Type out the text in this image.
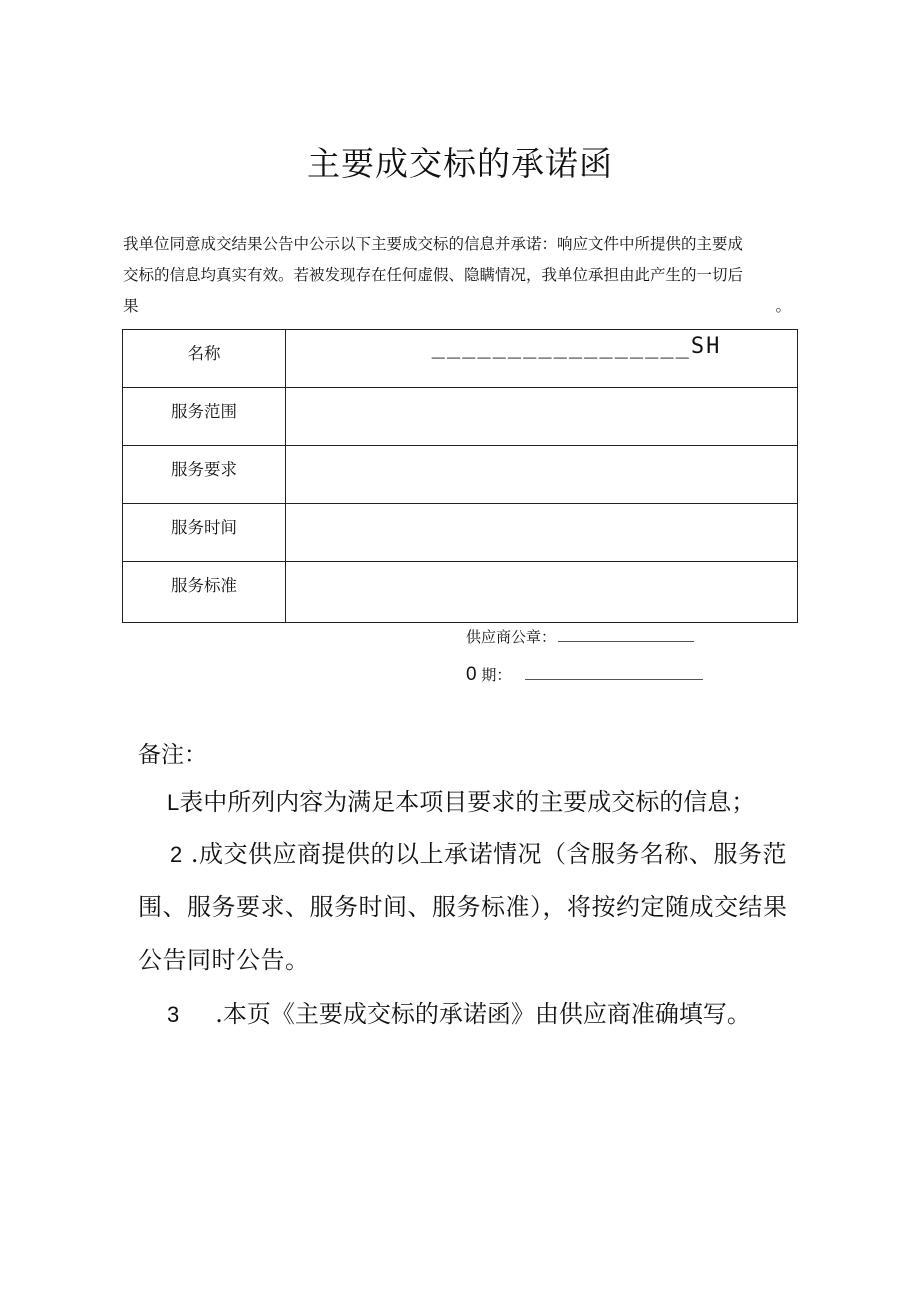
主要成交标的承诺函

我单位同意成交结果公告中公示以下主要成交标的信息并承诺：响应文件中所提供的主要成
交标的信息均真实有效。若被发现存在任何虚假、隐瞒情况，我单位承担由此产生的一切后
果	。

名称	_________________SH

服务范围	
服务要求	
服务时间	
服务标准	
供应商公章：
0 期：

备注：

L表中所列内容为满足本项目要求的主要成交标的信息；

2 .成交供应商提供的以上承诺情况（含服务名称、服务范围、服务要求、服务时间、服务标准），将按约定随成交结果公告同时公告。

3 .本页《主要成交标的承诺函》由供应商准确填写。
